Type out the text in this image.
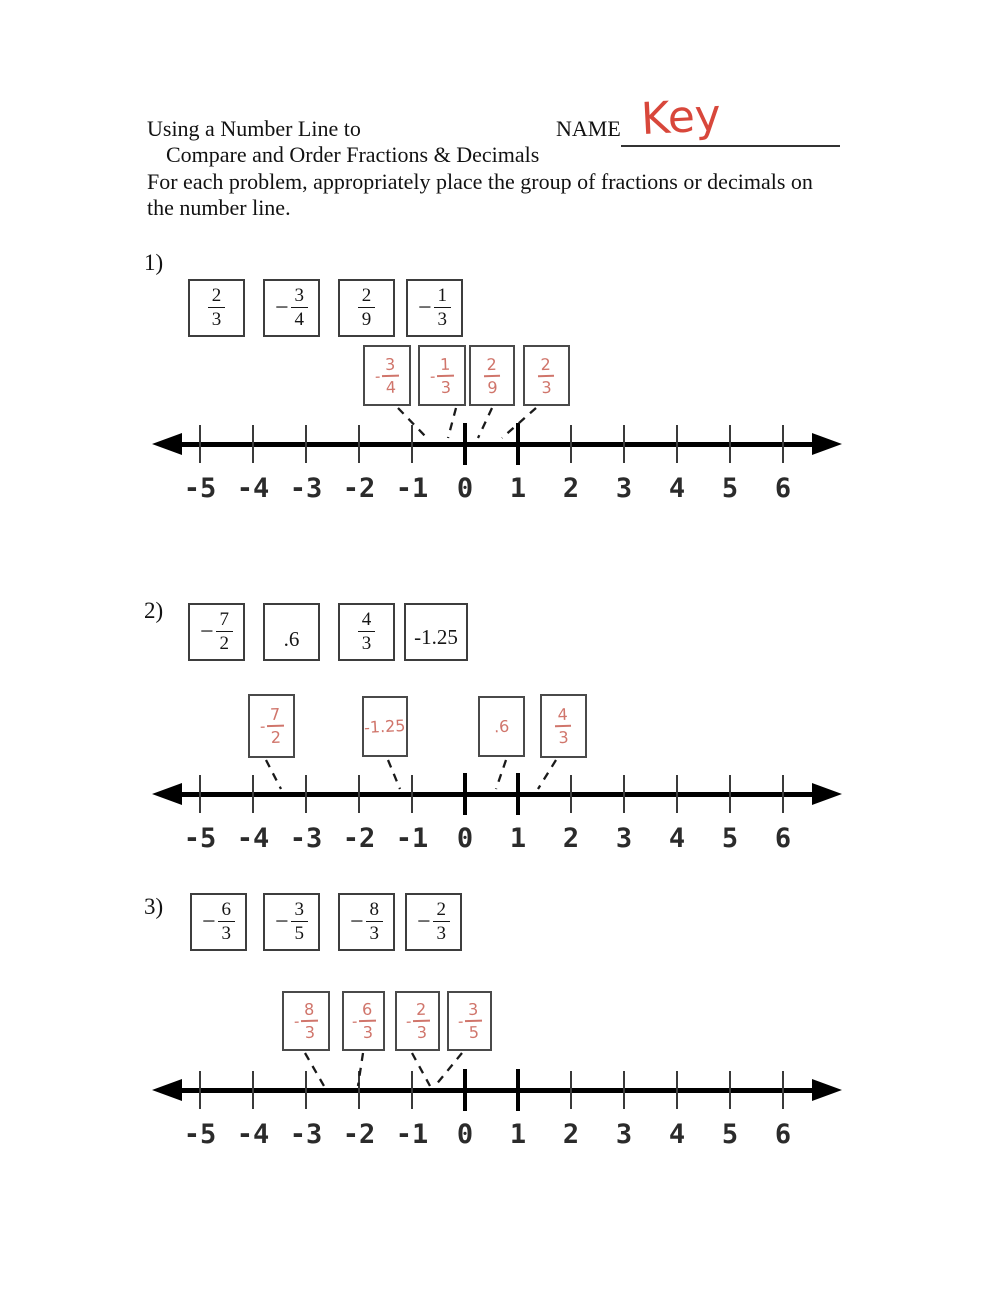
Using a Number Line to	NAME Key
Compare and Order Fractions & Decimals
For each problem, appropriately place the group of fractions or decimals on
the number line.
1)
$\frac{2}{3} - \frac{3}{4}$	$\frac{2}{9} - \frac{1}{3}$
- $\frac{3}{4} - \frac{1}{3} \frac{2}{9} \frac{2}{3}$
-5 -4 -3 -2 -1	0	1	2	3	4	5	6
2)
− $\frac{7}{2} .6$	$\frac{4}{3} -1.25$
- $\frac{7}{2}$	-1.25	.6	$\frac{4}{3}$
-5 -4 -3 -2 -1	0	1	2	3	4	5	6
3)
− $\frac{6}{3} - \frac{3}{5} - \frac{8}{3} - \frac{2}{3}$
- $\frac{8}{3} - \frac{6}{3} - \frac{2}{3} - \frac{3}{5}$
-5 -4 -3 -2 -1	0	1	2	3	4	5	6
